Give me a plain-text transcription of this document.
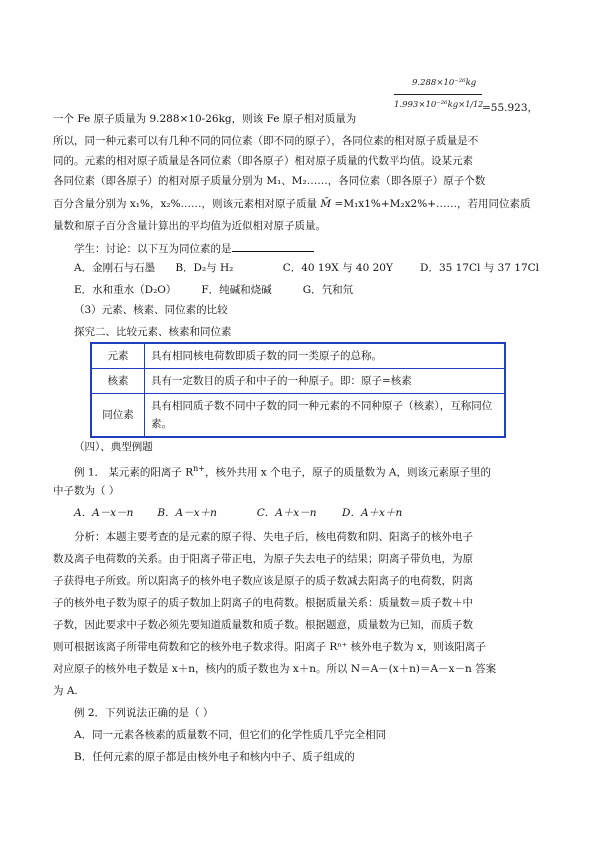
9.288×10⁻²⁶kg
1.993×10⁻²⁶kg×1/12
=55.923，
一个 Fe 原子质量为 9.288×10-26kg，则该 Fe 原子相对质量为
所以，同一种元素可以有几种不同的同位素（即不同的原子），各同位素的相对原子质量是不
同的。元素的相对原子质量是各同位素（即各原子）相对原子质量的代数平均值。设某元素
各同位素（即各原子）的相对原子质量分别为 M₁、M₂……，各同位素（即各原子）原子个数
百分含量分别为 x₁%，x₂%……，则该元素相对原子质量 M̄ =M₁x1%+M₂x2%+……，若用同位素质
量数和原子百分含量计算出的平均值为近似相对原子质量。
学生：讨论：以下互为同位素的是
A．金刚石与石墨 B．D₂与 H₂	C．40 19X 与 40 20Y	D．35 17Cl 与 37 17Cl
E．水和重水（D₂O） F．纯碱和烧碱	G．氕和氘
（3）元素、核素、同位素的比较
探究二、比较元素、核素和同位素
元素	具有相同核电荷数即质子数的同一类原子的总称。
核素	具有一定数目的质子和中子的一种原子。即：原子=核素
同位素	具有相同质子数不同中子数的同一种元素的不同种原子（核素），互称同位素。
（四）、典型例题
例 1． 某元素的阳离子 $R^{n+}$，核外共用 x 个电子，原子的质量数为 A，则该元素原子里的
中子数为（ ）
A．A－x－n B．A－x＋n	C．A＋x－n D．A＋x＋n
分析：本题主要考查的是元素的原子得、失电子后，核电荷数和阴、阳离子的核外电子
数及离子电荷数的关系。由于阳离子带正电，为原子失去电子的结果；阴离子带负电，为原
子获得电子所致。所以阳离子的核外电子数应该是原子的质子数减去阳离子的电荷数，阴离
子的核外电子数为原子的质子数加上阴离子的电荷数。根据质量关系：质量数＝质子数＋中
子数，因此要求中子数必须先要知道质量数和质子数。根据题意，质量数为已知，而质子数
则可根据该离子所带电荷数和它的核外电子数求得。阳离子 Rⁿ⁺ 核外电子数为 x，则该阳离子
对应原子的核外电子数是 x＋n，核内的质子数也为 x＋n。所以 N＝A－(x＋n)＝A－x－n 答案
为 A.
例 2．下列说法正确的是（ ）
A．同一元素各核素的质量数不同，但它们的化学性质几乎完全相同
B．任何元素的原子都是由核外电子和核内中子、质子组成的
